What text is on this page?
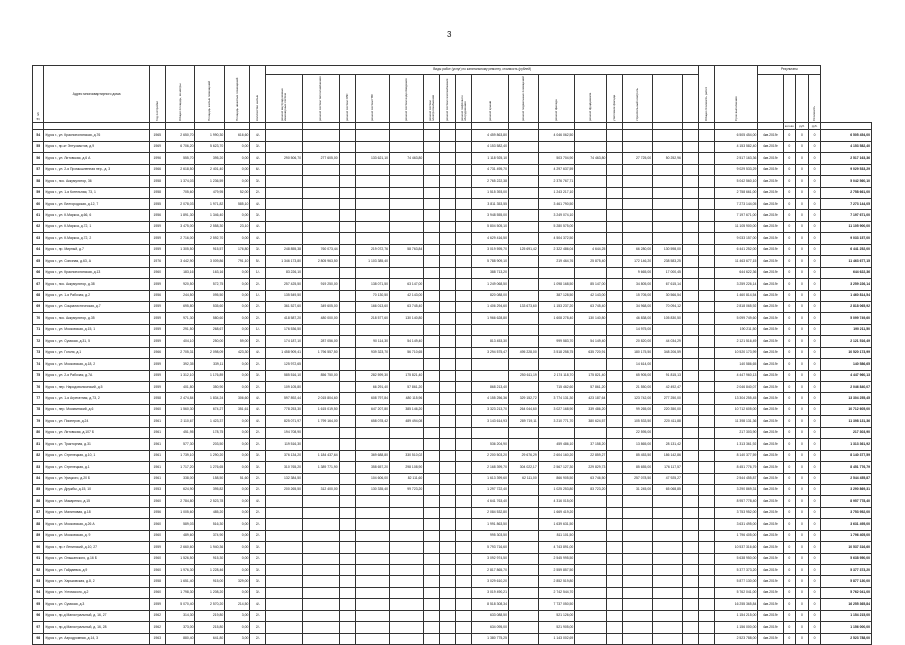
3
№ п/п	Адрес многоквартирного дома	Год постройки	Общая площадь, кв.метры	Площадь жилых помещений	Площадь нежилых помещений	Количество жилых	Виды работ (услуг) по капитальному ремонту, стоимость (рублей)																Общая стоимость работ	Срок выполнения	Результаты				
							ремонт внутридомовых инженерных систем	ремонт систем теплоснабжения	ремонт систем ХВС	ремонт систем ГВС	ремонт систем водоотведения	ремонт систем электроснабжения	ремонт систем газоснабжения	ремонт лифтового оборудования	ремонт крыши	ремонт подвальных помещений	ремонт фасада	ремонт фундамента	утепление фасада	строительный контроль								Стоимость	
																										кол-во	руб.	руб.	
54	Курск г., ул. Краснополянская, д.76	1965	2 650,70	1 990,30	616,60	4/-									4 459 863,80		4 046 062,50							6 505 454,00	4кв.2019г	0	0	0	6 505 454,00
55	Курск г., пр-кт Энтузиастов, д.9	1969	6 706,20	5 623,70	0,00	3/-									4 153 582,40									4 153 582,40	4кв.2019г	0	0	0	4 153 582,40
56	Курск г., ул. Литовская, д.6 А	1996	555,70	395,20	0,00	4/-	290 506,70	277 605,00		133 621,10	74 463,80				1 118 925,10		503 704,90	74 463,80		27 725,00	50 252,96			2 517 163,36	4кв.2019г	0	0	0	2 517 163,36
57	Курск г., ул. 2-я Промышленная пер., д. 3	1966	2 618,50	2 401,40	0,00	6/-									4 731 495,70		4 297 637,59							9 029 533,29	4кв.2019г	0	0	0	9 029 533,29
58	Курск г., пос. Аккумулятор, 36	1958	1 374,03	1 236,59	0,00	3/-									2 765 222,38		2 376 767,71							5 042 560,10	4кв.2019г	0	0	0	5 042 560,10
59	Курск г., ул. 1-я Котельная, 73, 1	1958	705,60	479,95	52,00	2/-									1 515 393,00		1 243 217,10							2 758 661,00	4кв.2019г	0	0	0	2 758 661,00
60	Курск г., ул. Белгородская, д.12, 7	1955	2 078,03	1 971,82	585,10	4/-									3 811 353,55		3 461 790,50							7 273 144,05	4кв.2019г	0	0	0	7 273 144,05
61	Курск г., ул. К.Маркса, д.66, 6	1956	1 891,30	1 346,40	0,00	3/-									3 948 555,00		3 249 074,10							7 197 671,00	4кв.2019г	0	0	0	7 197 671,00
62	Курск г., ул. К.Маркса, д.72, 1	1959	3 475,00	2 558,30	23,10	4/-									5 804 505,10		5 280 575,00							11 105 900,00	4кв.2019г	0	0	0	11 105 900,00
63	Курск г., ул. К.Маркса, д.72, 2	1959	2 716,00	2 592,70	0,00	4/-									4 629 416,50		4 504 372,50							9 033 157,00	4кв.2019г	0	0	0	9 033 157,00
64	Курск г., пр. Мирный, д.7	1959	1 305,50	915,57	176,80	3/-	248 855,38	760 073,44		219 072,76	58 763,84				3 019 595,70	125 691,42	2 322 486,04	4 644,25		66 280,00	130 598,00			6 441 252,00	4кв.2019г	0	0	0	6 441 252,00
65	Курск г., ул. Союзная, д.63, А	1976	3 442,90	3 009,86	791,10	5/-	1 346 173,80	2 805 963,50		1 103 385,40					5 788 909,10		219 464,76	25 875,40		172 146,20	238 583,25			11 463 677,15	4кв.2019г	0	0	0	11 463 677,15
66	Курск г., ул. Краснополянская, д.13	1960	183,16	163,16	0,00	1/-	83 226,10								388 713,20					9 665,00	17 000,45			644 622,36	4кв.2019г	0	0	0	644 622,36
67	Курск г., пос. Аккумулятор, д.38	1959	920,50	572,75	0,00	2/-	257 425,50	919 250,00		138 071,50	63 147,00				1 249 068,50		1 098 168,50	85 147,00		34 805,00	67 615,14			3 259 226,14	4кв.2019г	0	0	0	3 259 226,14
68	Курск г., ул. 1-я Рабочая, д.2	1956	244,50	095,50	0,00	1/-	135 549,50			70 130,50	42 143,00				820 088,00		387 128,50	42 143,00		15 705,00	30 566,54			1 460 814,54	4кв.2019г	0	0	0	1 460 814,54
69	Курск г., ул. Социалистическая, д.7	1959	695,80	535,60	0,00	2/-	361 527,60	349 605,00		166 013,60	63 745,40				1 406 294,60	133 673,60	1 153 237,20	63 745,40		34 968,00	70 094,12			2 818 065,92	4кв.2019г	0	0	0	2 818 065,92
70	Курск г., пос. Аккумулятор, д.35	1959	971,30	580,60	0,00	2/-	418 587,20	480 000,00		218 577,60	130 140,80				1 966 628,80		1 608 278,40	130 140,80		46 838,00	105 830,50			5 099 749,60	4кв.2019г	0	0	0	5 099 749,60
71	Курск г., ул. Московская, д.15, 1	1959	291,50	268,67	0,00	1/-	176 536,50													14 975,00				190 211,50	4кв.2019г	0	0	0	190 211,50
72	Курск г., ул. Сумская, д.31, 5	1959	404,10	250,00	59,00	2/-	174 187,10	287 056,00		90 114,30	54 149,40				813 453,30		999 583,70	54 149,40		20 820,00	44 034,29			2 121 516,49	4кв.2019г	0	0	0	2 121 516,49
73	Курск г., ул. Гоголя, д.1	1966	2 705,31	2 098,09	423,30	4/-	1 458 909,41	1 796 557,50		939 323,70	56 710,65				3 294 575,47	495 228,00	3 518 258,75	635 720,91		180 175,50	348 206,59			10 520 173,99	4кв.2019г	0	0	0	10 520 173,99
74	Курск г., ул. Московская, д.18, 2	1959	392,35	339,11	0,00	2/-	125 972,65													14 614,00				140 586,65	4кв.2019г	0	0	0	140 586,65
75	Курск г., ул. 2-я Рабочая, д.7А	1959	1 312,10	1 176,89	0,00	3/-	585 516,10	856 750,00		282 599,30	175 821,40					250 611,19	2 174 118,70	175 821,40		65 905,00	91 815,13			4 447 960,13	4кв.2019г	0	0	0	4 447 960,13
76	Курск г., пер. Народовольческий, д.5	1959	401,80	350,90	0,00	2/-	109 105,80			66 291,40	57 861,20				868 213,40		715 462,60	57 861,20		21 550,00	42 492,47			2 046 840,07	4кв.2019г	0	0	0	2 046 840,07
77	Курск г., ул. 1-я Агрегатная, д.73, 2	1958	2 474,84	1 834,24	306,60	4/-	597 892,44	2 015 804,60		608 797,84	480 115,96				4 155 256,36	329 152,72	3 774 131,30	423 187,64		123 742,00	277 250,00			13 304 255,45	4кв.2019г	0	0	0	13 304 255,45
78	Курск г., пер. Москвинский, д.6	1960	1 560,30	674,27	351,61	4/-	778 253,30	1 615 019,50		647 207,80	385 146,20				3 323 213,70	264 044,60	3 027 168,90	339 486,20		99 265,00	220 350,00			10 712 605,00	4кв.2019г	0	0	0	10 712 605,00
79	Курск г., ул. Пионеров, д.24	1961	2 110,67	1 423,37	0,00	4/-	825 071,97	1 799 164,00		658 078,42	489 494,08				3 143 614,93	289 719,11	3 210 771,70	380 624,57		105 533,50	220 411,88			11 398 131,36	4кв.2019г	0	0	0	11 398 131,36
80	Курск г., ул. Литовская, д.107 Б	1961	451,95	178,75	0,00	2/-	194 708,90													22 595,00				217 303,90	4кв.2019г	0	0	0	217 303,90
81	Курск г., ул. Тракторная, д.31	1961	577,30	203,50	0,00	2/-	119 516,30								536 204,90		459 486,10	37 158,20		13 865,00	28 131,42			1 313 361,92	4кв.2019г	0	0	0	1 313 361,92
82	Курск г., ул. Стрелецкая, д.10, 1	1961	1 739,10	1 290,20	0,00	3/-	376 134,20	1 184 437,64		369 688,80	330 510,02				2 200 503,20	29 676,29	2 604 160,20	22 859,27		85 453,50	186 142,86			8 140 377,59	4кв.2019г	0	0	0	8 140 377,59
83	Курск г., ул. Стрелецкая, д.1	1961	1 717,20	1 276,65	0,00	3/-	310 765,20	1 389 771,90		358 657,20	298 108,90				2 168 399,70	304 022,17	2 567 127,30	229 829,73		85 655,00	176 117,57			8 451 776,79	4кв.2019г	0	0	0	8 451 776,79
84	Курск г., ул. Урицкого, д.20 Б	1961	338,00	158,50	51,60	2/-	132 384,50			104 606,00	82 111,60				1 613 399,60	62 111,00	866 905,50	63 746,50		257 078,50	47 925,27			2 544 455,87	4кв.2019г	0	0	0	2 544 455,87
85	Курск г., ул. Дружбы, д.15, 10	1953	624,90	395,82	0,00	2/-	200 265,50	312 400,00		130 335,40	99 723,20				1 297 722,40		1 025 253,80	83 723,20		31 245,00	65 068,85			3 290 869,31	4кв.2019г	0	0	0	3 290 869,31
86	Курск г., ул. Макаренко, д.15	1960	2 784,80	2 523,78	0,00	4/-									4 641 763,40		4 316 015,00							8 957 778,40	4кв.2019г	0	0	0	8 957 778,40
87	Курск г., ул. Малиновая, д.18	1956	1 005,60	485,20	0,00	2/-									2 084 532,80		1 669 419,20							3 753 952,00	4кв.2019г	0	0	0	3 753 952,00
88	Курск г., ул. Московская, д.26 А	1960	589,03	516,30	0,00	2/-									1 991 863,50		1 639 631,50							3 631 495,00	4кв.2019г	0	0	0	3 631 495,00
89	Курск г., ул. Московская, д. 9	1960	489,60	374,90	0,00	2/-									995 303,50		811 101,50							1 796 405,00	4кв.2019г	0	0	0	1 796 405,00
90	Курск г., пр-т Ленинский, д.10, 27	1959	2 660,60	1 940,36	0,00	3/-									5 793 716,60		4 743 891,00							10 537 316,60	4кв.2019г	0	0	0	10 537 316,60
91	Курск г., ул. Ольшанского, д.16 Б	1960	1 526,50	915,30	0,00	2/-									3 092 974,50		2 545 995,50							5 638 950,00	4кв.2019г	0	0	0	5 638 950,00
92	Курск г., ул. Гайдаевка, д.9	1960	1 976,30	1 228,46	0,00	3/-									2 817 865,70		2 559 857,50							5 377 373,20	4кв.2019г	0	0	0	5 377 373,20
93	Курск г., ул. Харьковская, д.8, 2	1958	1 651,40	915,00	329,00	3/-									3 029 610,20		2 852 519,80							5 877 130,00	4кв.2019г	0	0	0	5 877 130,00
94	Курск г., ул. Ухтомского, д.2	1960	1 798,30	1 208,20	0,00	3/-									3 019 490,21		2 742 544,70							5 762 041,00	4кв.2019г	0	0	0	5 762 041,00
95	Курск г., ул. Сумская, д.3	1959	5 070,40	2 570,20	214,50	4/-									8 518 308,34		7 737 050,50							16 255 365,84	4кв.2019г	0	0	0	16 255 365,84
96	Курск г., пр-д Магистральный, д. 16, 27	1962	314,30	219,80	3,00	2/-									633 088,50		521 126,00							1 154 215,00	4кв.2019г	0	0	0	1 154 215,00
97	Курск г., пр-д Магистральный, д. 16, 28	1962	373,00	215,80	0,00	2/-									634 095,00		521 905,00							1 156 000,00	4кв.2019г	0	0	0	1 156 000,00
98	Курск г., ул. Аэродромная, д.14, 3	1963	880,40	641,80	3,00	2/-									1 380 775,25		1 143 002,69							2 523 788,00	4кв.2019г	0	0	0	2 523 788,00
